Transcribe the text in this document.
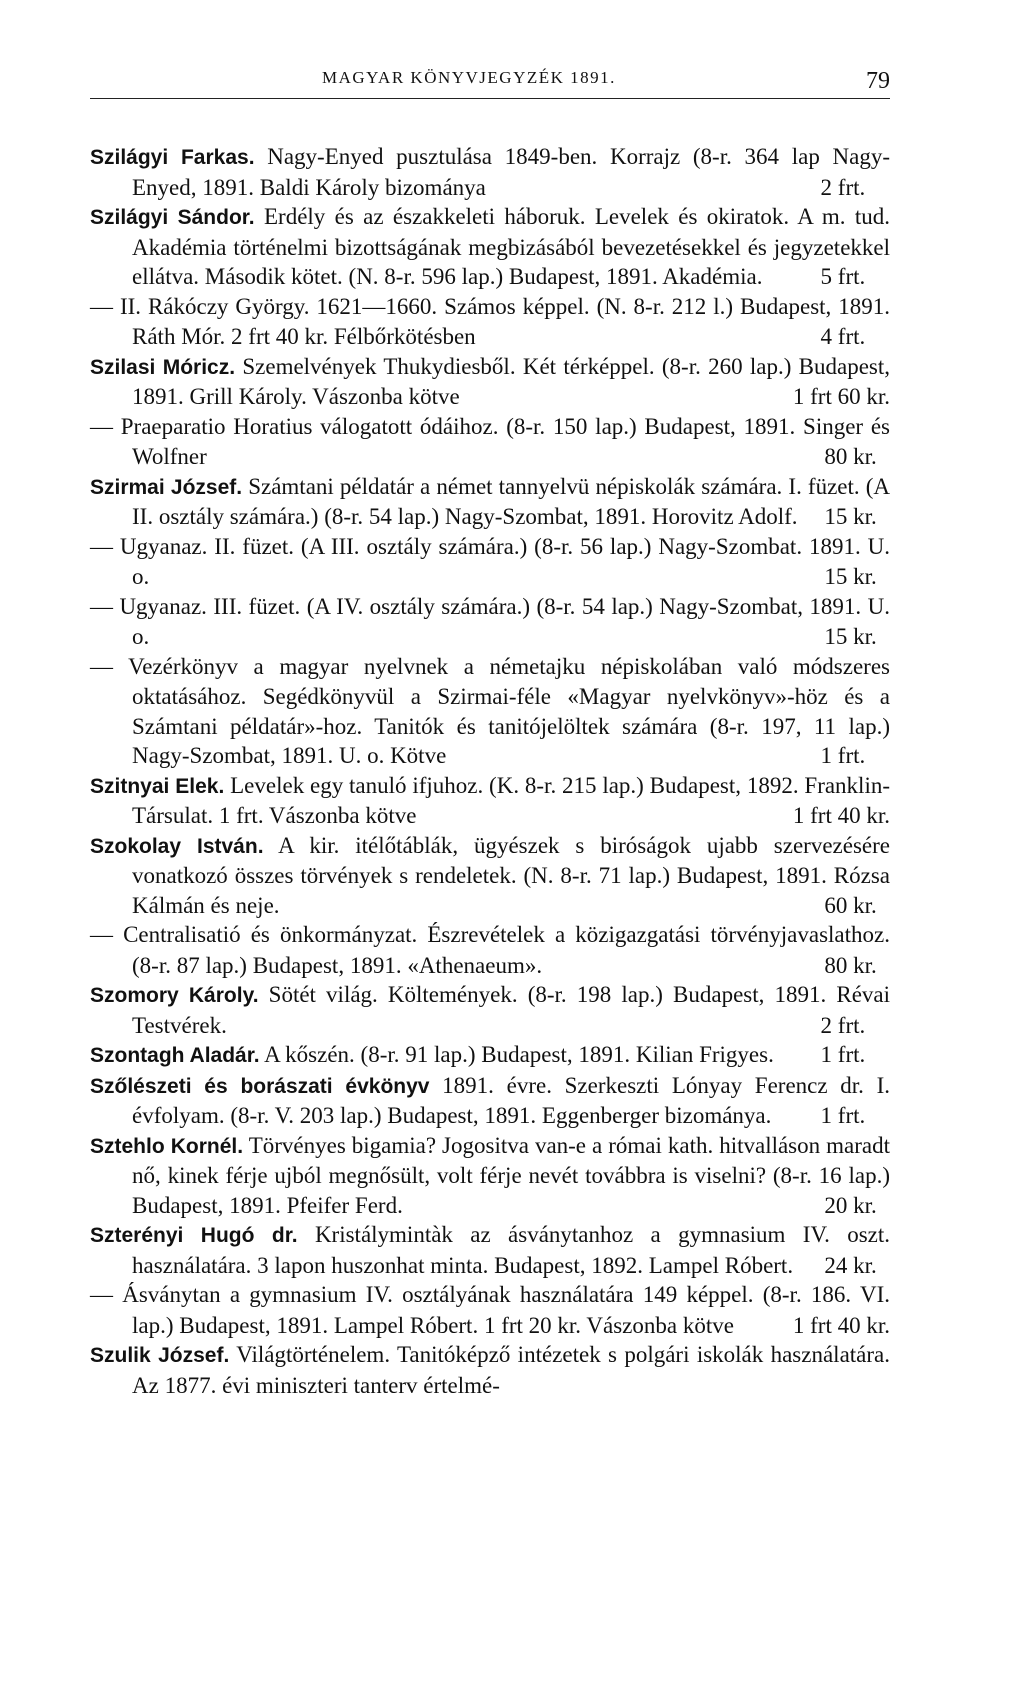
MAGYAR KÖNYVJEGYZÉK 1891.	79
Szilágyi Farkas. Nagy-Enyed pusztulása 1849-ben. Korrajz (8-r. 364 lap Nagy-Enyed, 1891. Baldi Károly bizománya	2 frt.
Szilágyi Sándor. Erdély és az északkeleti háboruk. Levelek és okiratok. A m. tud. Akadémia történelmi bizottságának megbizásából bevezetésekkel és jegyzetekkel ellátva. Második kötet. (N. 8-r. 596 lap.) Budapest, 1891. Akadémia.	5 frt.
— II. Rákóczy György. 1621—1660. Számos képpel. (N. 8-r. 212 l.) Budapest, 1891. Ráth Mór. 2 frt 40 kr. Félbőrkötésben	4 frt.
Szilasi Móricz. Szemelvények Thukydiesből. Két térképpel. (8-r. 260 lap.) Budapest, 1891. Grill Károly. Vászonba kötve	1 frt 60 kr.
— Praeparatio Horatius válogatott ódáihoz. (8-r. 150 lap.) Budapest, 1891. Singer és Wolfner	80 kr.
Szirmai József. Számtani példatár a német tannyelvü népiskolák számára. I. füzet. (A II. osztály számára.) (8-r. 54 lap.) Nagy-Szombat, 1891. Horovitz Adolf. 15 kr.
— Ugyanaz. II. füzet. (A III. osztály számára.) (8-r. 56 lap.) Nagy-Szombat. 1891. U. o.	15 kr.
— Ugyanaz. III. füzet. (A IV. osztály számára.) (8-r. 54 lap.) Nagy-Szombat, 1891. U. o.	15 kr.
— Vezérkönyv a magyar nyelvnek a németajku népiskolában való módszeres oktatásához. Segédkönyvül a Szirmai-féle «Magyar nyelvkönyv»-höz és a Számtani példatár»-hoz. Tanitók és tanitójelöltek számára (8-r. 197, 11 lap.) Nagy-Szombat, 1891. U. o. Kötve	1 frt.
Szitnyai Elek. Levelek egy tanuló ifjuhoz. (K. 8-r. 215 lap.) Budapest, 1892. Franklin-Társulat. 1 frt. Vászonba kötve	1 frt 40 kr.
Szokolay István. A kir. itélőtáblák, ügyészek s biróságok ujabb szervezésére vonatkozó összes törvények s rendeletek. (N. 8-r. 71 lap.) Budapest, 1891. Rózsa Kálmán és neje.	60 kr.
— Centralisatió és önkormányzat. Észrevételek a közigazgatási törvényjavaslathoz. (8-r. 87 lap.) Budapest, 1891. «Athenaeum».	80 kr.
Szomory Károly. Sötét világ. Költemények. (8-r. 198 lap.) Budapest, 1891. Révai Testvérek.	2 frt.
Szontagh Aladár. A kőszén. (8-r. 91 lap.) Budapest, 1891. Kilian Frigyes. 1 frt.
Szőlészeti és borászati évkönyv 1891. évre. Szerkeszti Lónyay Ferencz dr. I. évfolyam. (8-r. V. 203 lap.) Budapest, 1891. Eggenberger bizománya. 1 frt.
Sztehlo Kornél. Törvényes bigamia? Jogositva van-e a római kath. hitvalláson maradt nő, kinek férje ujból megnősült, volt férje nevét továbbra is viselni? (8-r. 16 lap.) Budapest, 1891. Pfeifer Ferd.	20 kr.
Szterényi Hugó dr. Kristálymintàk az ásványtanhoz a gymnasium IV. oszt. használatára. 3 lapon huszonhat minta. Budapest, 1892. Lampel Róbert. 24 kr.
— Ásványtan a gymnasium IV. osztályának használatára 149 képpel. (8-r. 186. VI. lap.) Budapest, 1891. Lampel Róbert. 1 frt 20 kr. Vászonba kötve	1 frt 40 kr.
Szulik József. Világtörténelem. Tanitóképző intézetek s polgári iskolák használatára. Az 1877. évi miniszteri tanterv értelmé-
